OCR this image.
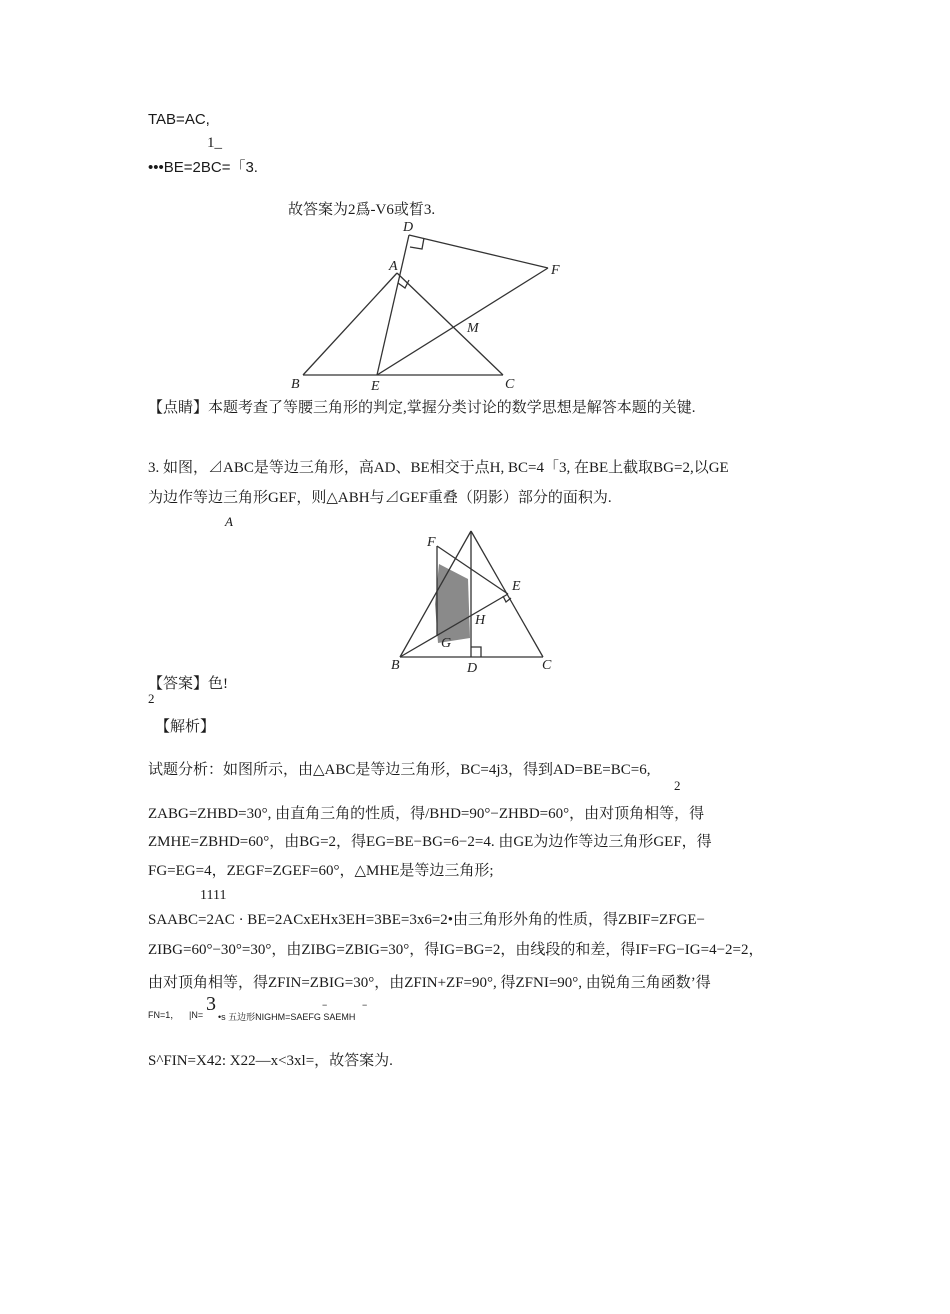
TAB=AC,
1_
•••BE=2BC=「3.
故答案为2爲-V6或晳3.
D
A	F
M
B	E	C
【点睛】本题考查了等腰三角形的判定,掌握分类讨论的数学思想是解答本题的关键.
3. 如图，⊿ABC是等边三角形，高AD、BE相交于点H, BC=4「3, 在BE上截取BG=2,以GE
为边作等边三角形GEF，则△ABH与⊿GEF重叠（阴影）部分的面积为.
A
F
E
H
G
B	D	C
【答案】色!
2
【解析】
试题分析：如图所示，由△ABC是等边三角形，BC=4j3，得到AD=BE=BC=6,
2
ZABG=ZHBD=30°, 由直角三角的性质，得/BHD=90°−ZHBD=60°，由对顶角相等，得
ZMHE=ZBHD=60°，由BG=2，得EG=BE−BG=6−2=4. 由GE为边作等边三角形GEF，得
FG=EG=4，ZEGF=ZGEF=60°，△MHE是等边三角形;
1111
SAABC=2AC · BE=2ACxEHx3EH=3BE=3x6=2•由三角形外角的性质，得ZBIF=ZFGE−
ZIBG=60°−30°=30°，由ZIBG=ZBIG=30°，得IG=BG=2，由线段的和差，得IF=FG−IG=4−2=2，
由对顶角相等，得ZFIN=ZBIG=30°，由ZFIN+ZF=90°, 得ZFNI=90°, 由锐角三角函数’得
FN=1， |N= 3
•s 五边形NIGHM=SAEFG SAEMH
−	−
S^FIN=X42: X22—x<3xl=，故答案为.
